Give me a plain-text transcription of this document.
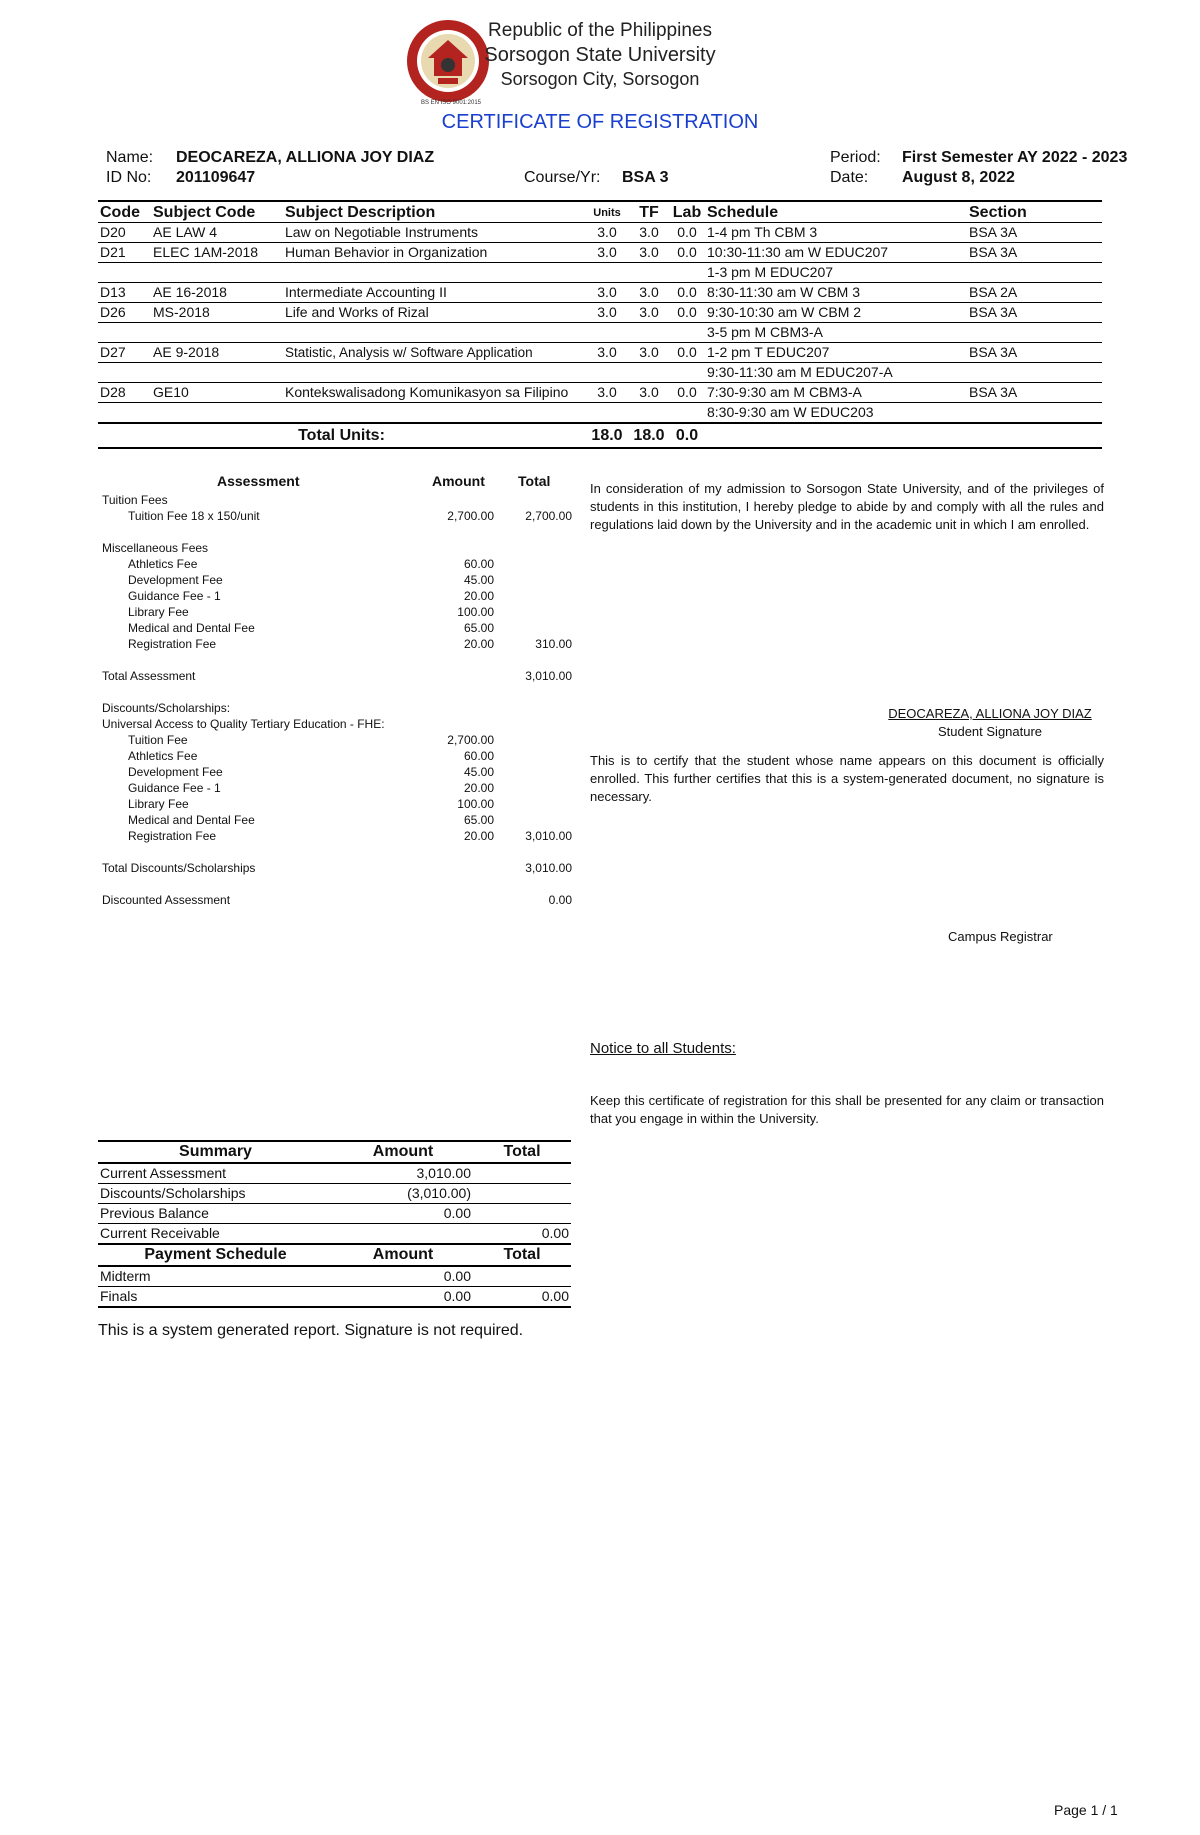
BS EN ISO 9001:2015
Republic of the Philippines
Sorsogon State University
Sorsogon City, Sorsogon
CERTIFICATE OF REGISTRATION
Name: DEOCAREZA, ALLIONA JOY DIAZ
ID No: 201109647	Course/Yr: BSA 3
Period: First Semester AY 2022 - 2023
Date: August 8, 2022
Code	Subject Code	Subject Description	Units	TF	Lab	Schedule	Section
D20	AE LAW 4	Law on Negotiable Instruments	3.0	3.0	0.0	1-4 pm Th CBM 3	BSA 3A
D21	ELEC 1AM-2018	Human Behavior in Organization	3.0	3.0	0.0	10:30-11:30 am W EDUC207	BSA 3A
						1-3 pm M EDUC207	
D13	AE 16-2018	Intermediate Accounting II	3.0	3.0	0.0	8:30-11:30 am W CBM 3	BSA 2A
D26	MS-2018	Life and Works of Rizal	3.0	3.0	0.0	9:30-10:30 am W CBM 2	BSA 3A
						3-5 pm M CBM3-A	
D27	AE 9-2018	Statistic, Analysis w/ Software Application	3.0	3.0	0.0	1-2 pm T EDUC207	BSA 3A
						9:30-11:30 am M EDUC207-A	
D28	GE10	Kontekswalisadong Komunikasyon sa Filipino	3.0	3.0	0.0	7:30-9:30 am M CBM3-A	BSA 3A
						8:30-9:30 am W EDUC203	
Total Units:			18.0	18.0	0.0		
Assessment	Amount Total
Tuition Fees
Tuition Fee 18 x 150/unit	2,700.00	2,700.00
Miscellaneous Fees
Athletics Fee	60.00
Development Fee	45.00
Guidance Fee - 1	20.00
Library Fee	100.00
Medical and Dental Fee	65.00
Registration Fee	20.00	310.00
Total Assessment	3,010.00
Discounts/Scholarships:
Universal Access to Quality Tertiary Education - FHE:
Tuition Fee	2,700.00
Athletics Fee	60.00
Development Fee	45.00
Guidance Fee - 1	20.00
Library Fee	100.00
Medical and Dental Fee	65.00
Registration Fee	20.00	3,010.00
Total Discounts/Scholarships	3,010.00
Discounted Assessment	0.00
In consideration of my admission to Sorsogon State University, and of the privileges of students in this institution, I hereby pledge to abide by and comply with all the rules and regulations laid down by the University and in the academic unit in which I am enrolled.
DEOCAREZA, ALLIONA JOY DIAZ
Student Signature
This is to certify that the student whose name appears on this document is officially enrolled. This further certifies that this is a system-generated document, no signature is necessary.
Campus Registrar
Notice to all Students:
Keep this certificate of registration for this shall be presented for any claim or transaction that you engage in within the University.
Summary	Amount	Total
Current Assessment	3,010.00	
Discounts/Scholarships	(3,010.00)	
Previous Balance	0.00	
Current Receivable		0.00
Payment Schedule	Amount	Total
Midterm	0.00	
Finals	0.00	0.00
This is a system generated report. Signature is not required.
Page 1 / 1
